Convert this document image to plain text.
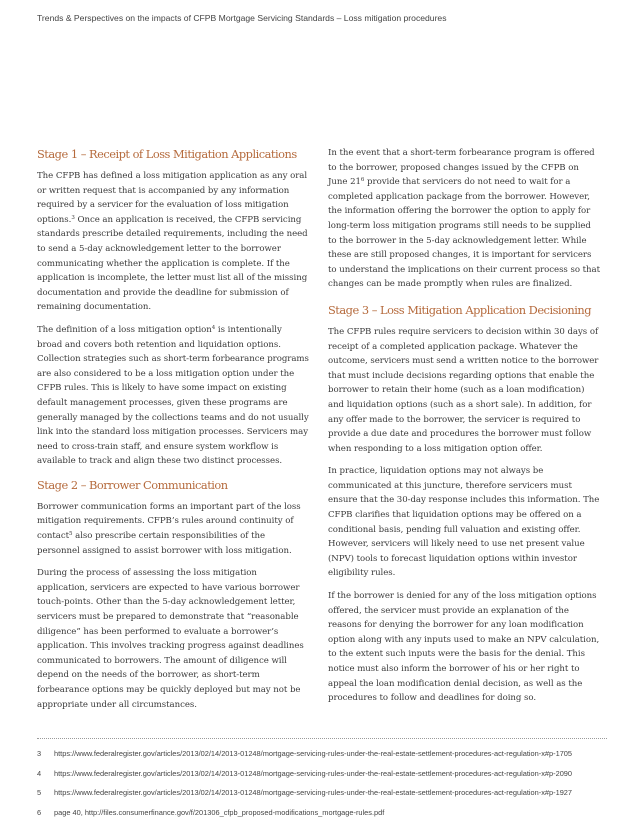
Trends & Perspectives on the impacts of CFPB Mortgage Servicing Standards – Loss mitigation procedures
Stage 1 – Receipt of Loss Mitigation Applications

The CFPB has defined a loss mitigation application as any oral or written request that is accompanied by any information required by a servicer for the evaluation of loss mitigation options.$^3$ Once an application is received, the CFPB servicing standards prescribe detailed requirements, including the need to send a 5-day acknowledgement letter to the borrower communicating whether the application is complete. If the application is incomplete, the letter must list all of the missing documentation and provide the deadline for submission of remaining documentation.

The definition of a loss mitigation option$^4$ is intentionally broad and covers both retention and liquidation options. Collection strategies such as short-term forbearance programs are also considered to be a loss mitigation option under the CFPB rules. This is likely to have some impact on existing default management processes, given these programs are generally managed by the collections teams and do not usually link into the standard loss mitigation processes. Servicers may need to cross-train staff, and ensure system workflow is available to track and align these two distinct processes.

Stage 2 – Borrower Communication

Borrower communication forms an important part of the loss mitigation requirements. CFPB’s rules around continuity of contact$^5$ also prescribe certain responsibilities of the personnel assigned to assist borrower with loss mitigation.

During the process of assessing the loss mitigation application, servicers are expected to have various borrower touch-points. Other than the 5-day acknowledgement letter, servicers must be prepared to demonstrate that “reasonable diligence” has been performed to evaluate a borrower’s application. This involves tracking progress against deadlines communicated to borrowers. The amount of diligence will depend on the needs of the borrower, as short-term forbearance options may be quickly deployed but may not be appropriate under all circumstances.

In the event that a short-term forbearance program is offered to the borrower, proposed changes issued by the CFPB on June $21^6$ provide that servicers do not need to wait for a completed application package from the borrower. However, the information offering the borrower the option to apply for long-term loss mitigation programs still needs to be supplied to the borrower in the 5-day acknowledgement letter. While these are still proposed changes, it is important for servicers to understand the implications on their current process so that changes can be made promptly when rules are finalized.

Stage 3 – Loss Mitigation Application Decisioning

The CFPB rules require servicers to decision within 30 days of receipt of a completed application package. Whatever the outcome, servicers must send a written notice to the borrower that must include decisions regarding options that enable the borrower to retain their home (such as a loan modification) and liquidation options (such as a short sale). In addition, for any offer made to the borrower, the servicer is required to provide a due date and procedures the borrower must follow when responding to a loss mitigation option offer.

In practice, liquidation options may not always be communicated at this juncture, therefore servicers must ensure that the 30-day response includes this information. The CFPB clarifies that liquidation options may be offered on a conditional basis, pending full valuation and existing offer. However, servicers will likely need to use net present value (NPV) tools to forecast liquidation options within investor eligibility rules.

If the borrower is denied for any of the loss mitigation options offered, the servicer must provide an explanation of the reasons for denying the borrower for any loan modification option along with any inputs used to make an NPV calculation, to the extent such inputs were the basis for the denial. This notice must also inform the borrower of his or her right to appeal the loan modification denial decision, as well as the procedures to follow and deadlines for doing so.

3	https://www.federalregister.gov/articles/2013/02/14/2013-01248/mortgage-servicing-rules-under-the-real-estate-settlement-procedures-act-regulation-x#p-1705
4	https://www.federalregister.gov/articles/2013/02/14/2013-01248/mortgage-servicing-rules-under-the-real-estate-settlement-procedures-act-regulation-x#p-2090
5	https://www.federalregister.gov/articles/2013/02/14/2013-01248/mortgage-servicing-rules-under-the-real-estate-settlement-procedures-act-regulation-x#p-1927
6	page 40, http://files.consumerfinance.gov/f/201306_cfpb_proposed-modifications_mortgage-rules.pdf
